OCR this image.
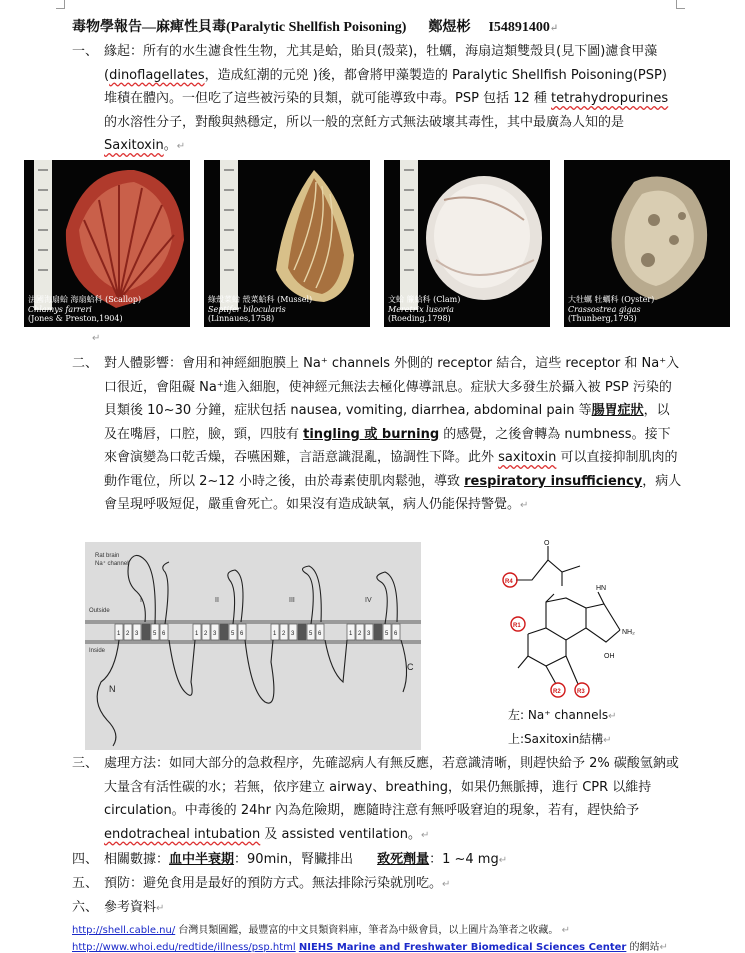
毒物學報告—麻痺性貝毒(Paralytic Shellfish Poisoning) 鄭煜彬 I54891400↵
一、 緣起：所有的水生濾食性生物，尤其是蛤，貽貝(殼菜)，牡蠣，海扇這類雙殼貝(見下圖)濾食甲藻(dinoflagellates，造成紅潮的元兇 )後，都會將甲藻製造的 Paralytic Shellfish Poisoning(PSP) 堆積在體內。一但吃了這些被污染的貝類，就可能導致中毒。PSP 包括 12 種 tetrahydropurines 的水溶性分子，對酸與熱穩定，所以一般的烹飪方式無法破壞其毒性，其中最廣為人知的是 Saxitoxin。↵
法國海扇蛤 海扇蛤科 (Scallop)
Chlamys farreri
(Jones & Preston,1904)
綠殼菜蛤 殼菜蛤科 (Mussel)
Septifer bilocularis
(Linnaues,1758)
文蛤 簾蛤科 (Clam)
Meretrix lusoria
(Roeding,1798)
大牡蠣 牡蠣科 (Oyster)
Crassostrea gigas
(Thunberg,1793)
↵
二、 對人體影響：會用和神經細胞膜上 Na⁺ channels 外側的 receptor 結合，這些 receptor 和 Na⁺入口很近，會阻礙 Na⁺進入細胞，使神經元無法去極化傳導訊息。症狀大多發生於攝入被 PSP 污染的貝類後 10~30 分鐘，症狀包括 nausea, vomiting, diarrhea, abdominal pain 等腸胃症狀，以及在嘴唇，口腔，臉，頸，四肢有 tingling 或 burning 的感覺，之後會轉為 numbness。接下來會演變為口乾舌燥，吞嚥困難，言語意識混亂，協調性下降。此外 saxitoxin 可以直接抑制肌肉的動作電位，所以 2~12 小時之後，由於毒素使肌肉鬆弛，導致 respiratory insufficiency，病人會呈現呼吸短促，嚴重會死亡。如果沒有造成缺氧，病人仍能保持警覺。↵
Rat brain
Na⁺ channel
Outside
Inside
1 2 3 5 6	1 2 3 5 6	1 2 3 5 6	1 2 3 5 6
I	II	III	IV
N
C
R4
R1
R2	R3
O
NH₂
HN
OH
左: Na⁺ channels↵
上:Saxitoxin結構↵
三、 處理方法：如同大部分的急救程序，先確認病人有無反應，若意識清晰，則趕快給予 2% 碳酸氫鈉或大量含有活性碳的水；若無，依序建立 airway、breathing，如果仍無脈搏，進行 CPR 以維持 circulation。中毒後的 24hr 內為危險期，應隨時注意有無呼吸窘迫的現象，若有，趕快給予 endotracheal intubation 及 assisted ventilation。↵
四、 相關數據：血中半衰期：90min，腎臟排出 致死劑量：1 ~4 mg↵
五、 預防：避免食用是最好的預防方式。無法排除污染就別吃。↵
六、 參考資料↵
http://shell.cable.nu/ 台灣貝類圖鑑，最豐富的中文貝類資料庫，筆者為中級會員，以上圖片為筆者之收藏。 ↵
http://www.whoi.edu/redtide/illness/psp.html NIEHS Marine and Freshwater Biomedical Sciences Center 的網站↵
